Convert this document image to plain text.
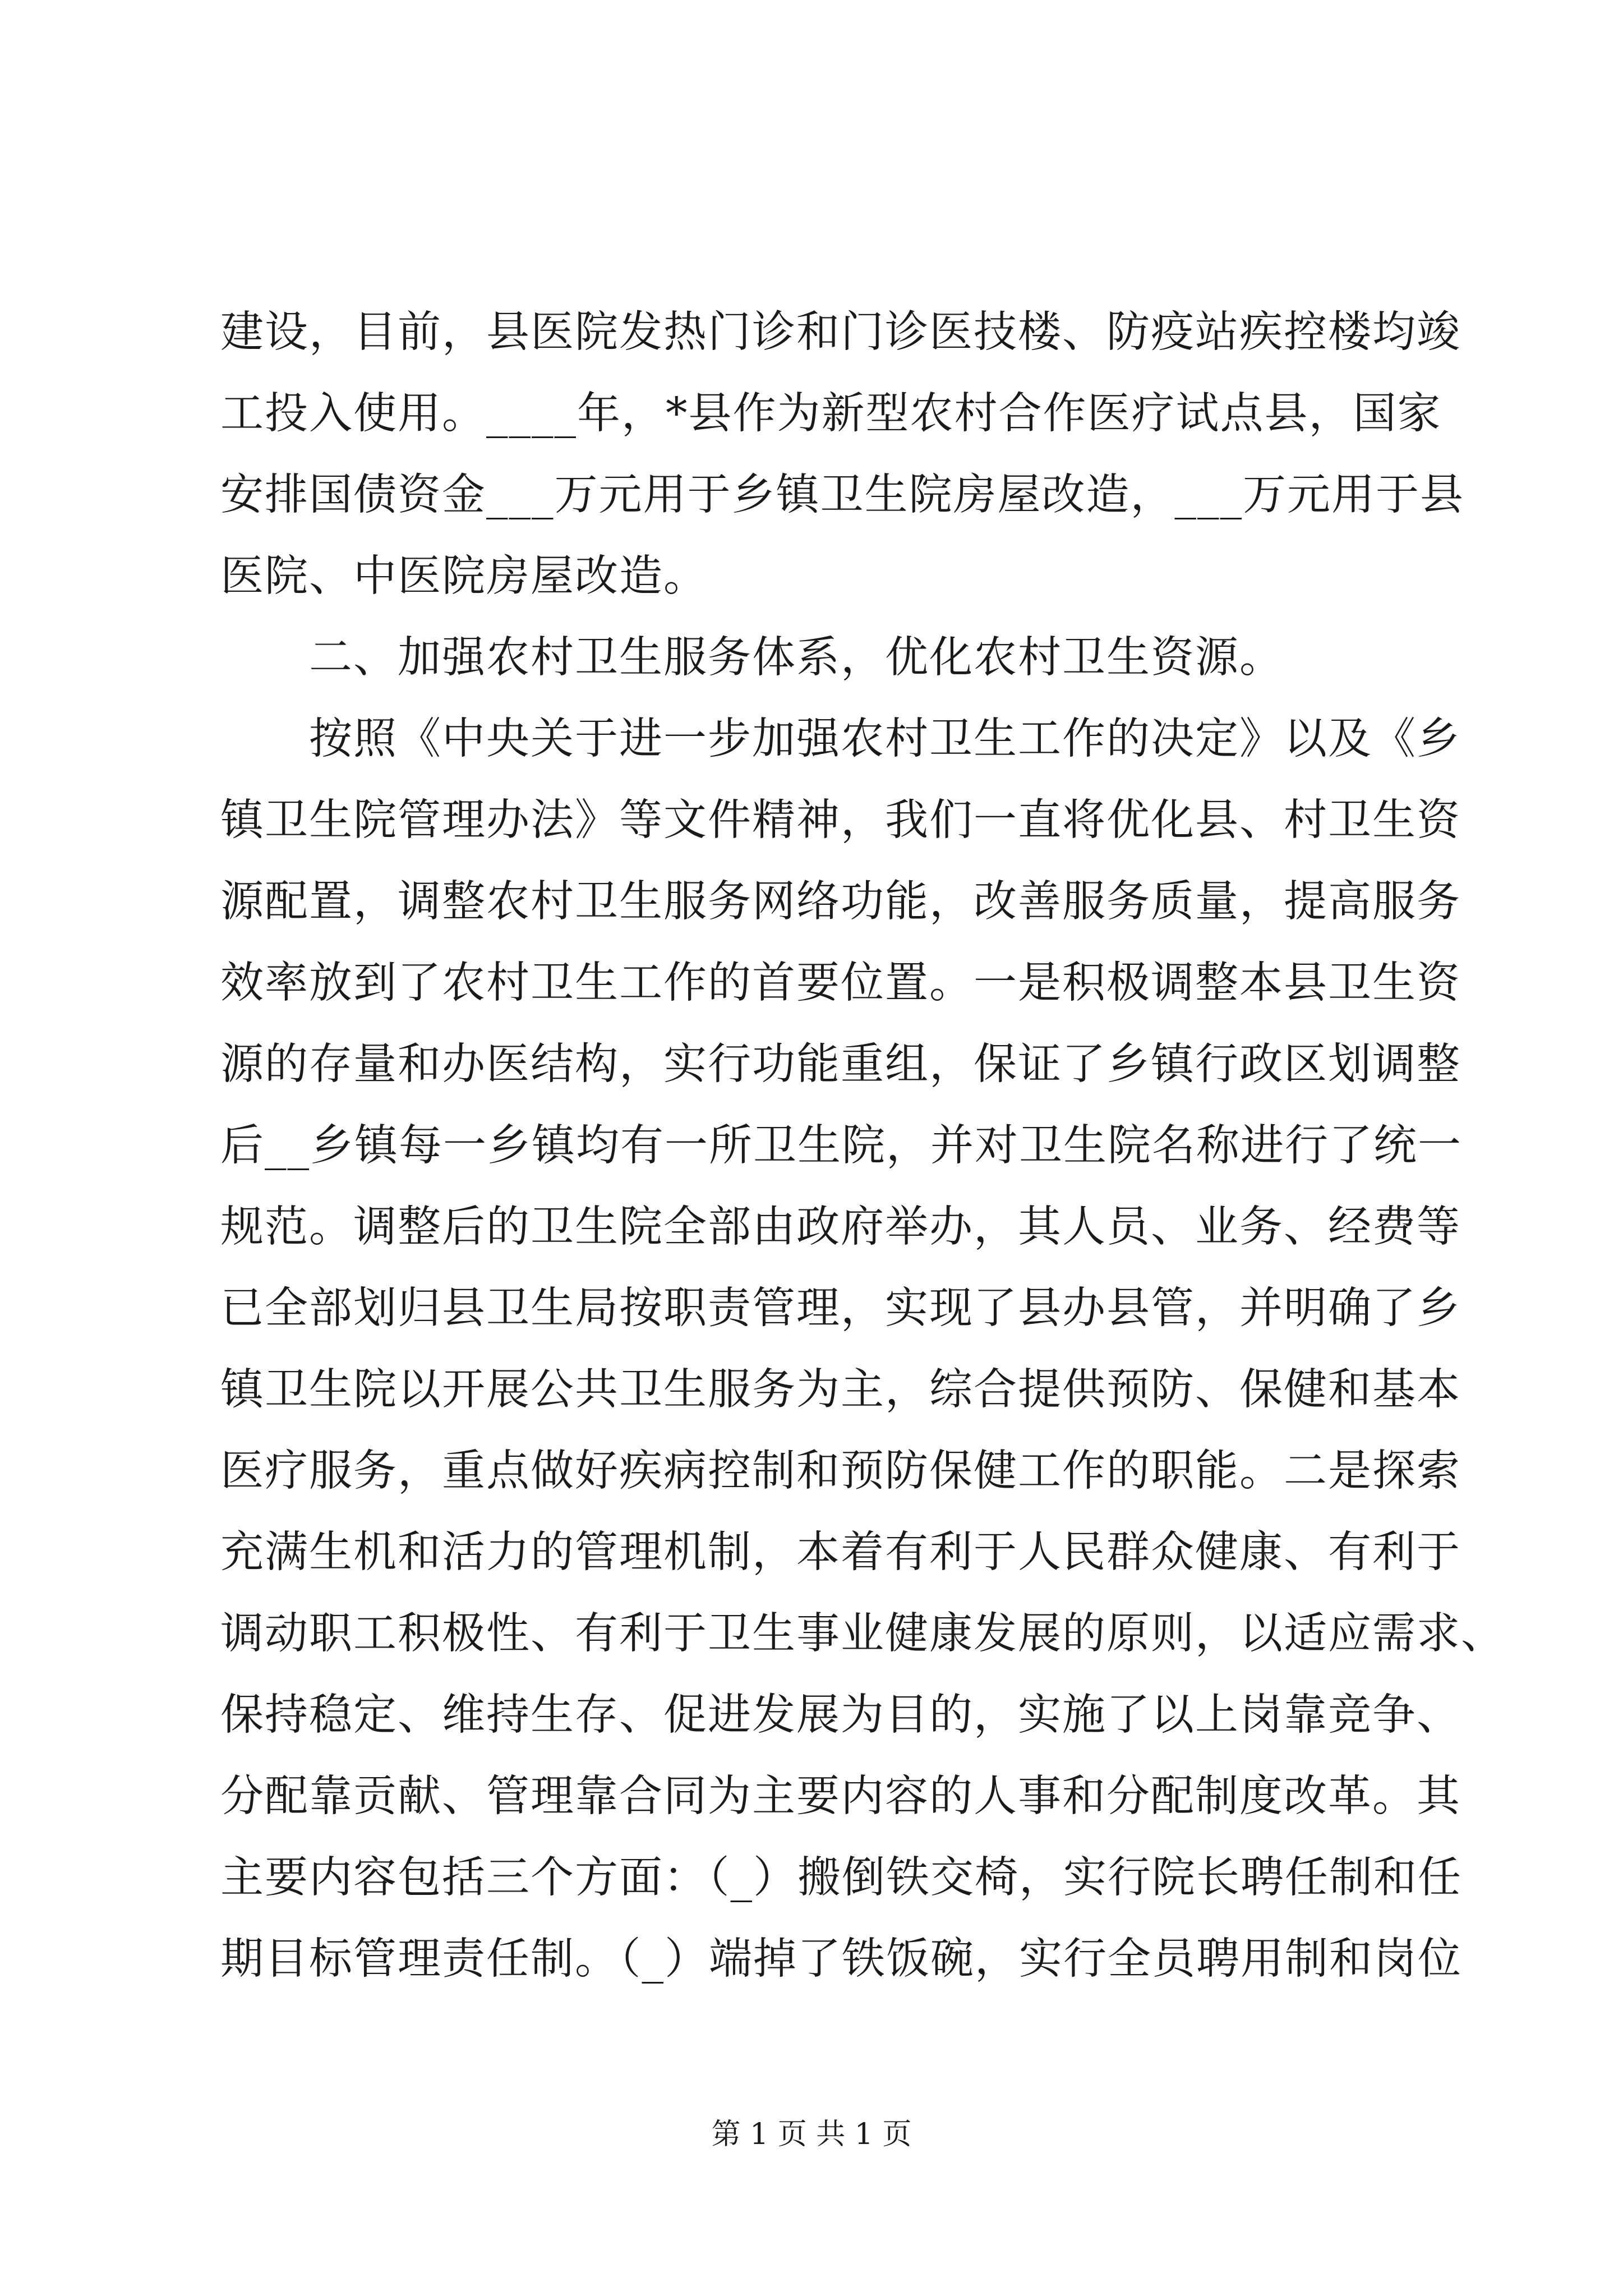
建设，目前，县医院发热门诊和门诊医技楼、防疫站疾控楼均竣
工投入使用。____年，*县作为新型农村合作医疗试点县，国家
安排国债资金___万元用于乡镇卫生院房屋改造，___万元用于县
医院、中医院房屋改造。
　　二、加强农村卫生服务体系，优化农村卫生资源。
　　按照《中央关于进一步加强农村卫生工作的决定》以及《乡
镇卫生院管理办法》等文件精神，我们一直将优化县、村卫生资
源配置，调整农村卫生服务网络功能，改善服务质量，提高服务
效率放到了农村卫生工作的首要位置。一是积极调整本县卫生资
源的存量和办医结构，实行功能重组，保证了乡镇行政区划调整
后__乡镇每一乡镇均有一所卫生院，并对卫生院名称进行了统一
规范。调整后的卫生院全部由政府举办，其人员、业务、经费等
已全部划归县卫生局按职责管理，实现了县办县管，并明确了乡
镇卫生院以开展公共卫生服务为主，综合提供预防、保健和基本
医疗服务，重点做好疾病控制和预防保健工作的职能。二是探索
充满生机和活力的管理机制，本着有利于人民群众健康、有利于
调动职工积极性、有利于卫生事业健康发展的原则，以适应需求、
保持稳定、维持生存、促进发展为目的，实施了以上岗靠竞争、
分配靠贡献、管理靠合同为主要内容的人事和分配制度改革。其
主要内容包括三个方面：（_）搬倒铁交椅，实行院长聘任制和任
期目标管理责任制。（_）端掉了铁饭碗，实行全员聘用制和岗位
第 1 页 共 1 页
